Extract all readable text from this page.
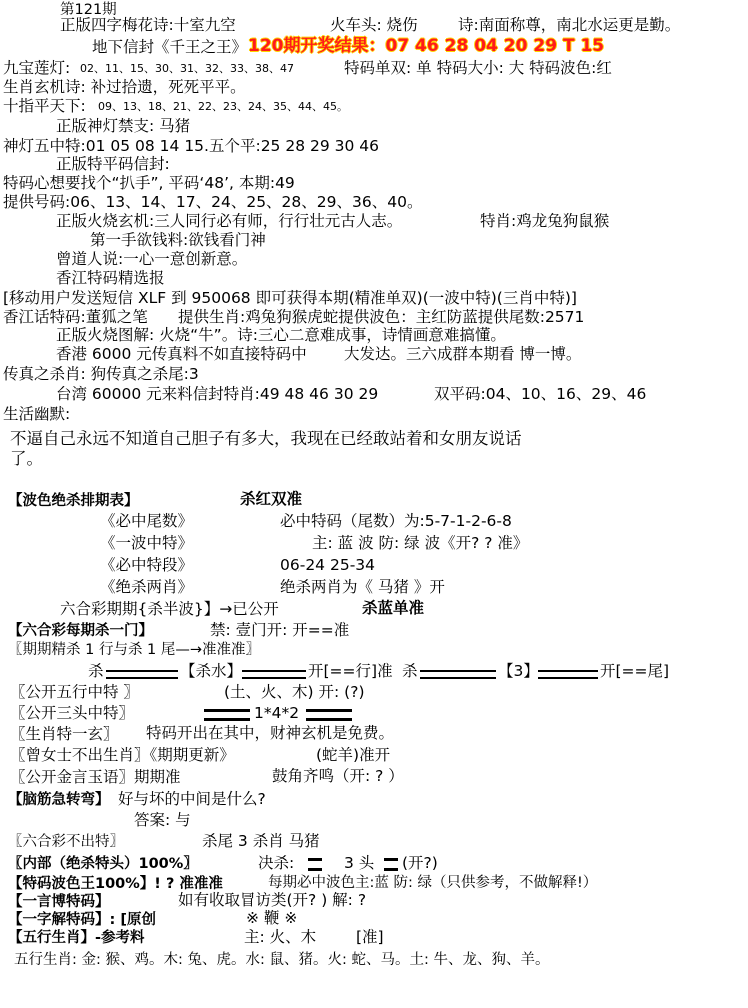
第121期
正版四字梅花诗:十室九空	火车头: 烧伤	诗:南面称尊，南北水运更是勤。
地下信封《千王之王》 120期开奖结果：07 46 28 04 20 29 T 15
九宝莲灯: 02、11、15、30、31、32、33、38、47	特码单双: 单 特码大小: 大 特码波色:红
生肖玄机诗: 补过拾遗，死死平平。
十指平天下: 09、13、18、21、22、23、24、35、44、45。
正版神灯禁支: 马猪
神灯五中特:01 05 08 14 15.五个平:25 28 29 30 46
正版特平码信封:
特码心想要找个“扒手”, 平码‘48’, 本期:49
提供号码:06、13、14、17、24、25、28、29、36、40。
正版火烧玄机:三人同行必有师，行行壮元古人志。	特肖:鸡龙兔狗鼠猴
第一手欲钱料:欲钱看门神
曾道人说:一心一意创新意。
香江特码精选报
[移动用户发送短信 XLF 到 950068 即可获得本期(精准单双)(一波中特)(三肖中特)]
香江话特码:董狐之笔 提供生肖:鸡兔狗猴虎蛇提供波色：主红防蓝提供尾数:2571
正版火烧图解: 火烧“牛”。诗:三心二意难成事，诗情画意难搞懂。
香港 6000 元传真料不如直接特码中 大发达。三六成群本期看 博一博。
传真之杀肖: 狗传真之杀尾:3
台湾 60000 元来料信封特肖:49 48 46 30 29	双平码:04、10、16、29、46
生活幽默:
不逼自己永远不知道自己胆子有多大，我现在已经敢站着和女朋友说话
了。
【波色绝杀排期表】	杀红双准
《必中尾数》	必中特码（尾数）为:5-7-1-2-6-8
《一波中特》	主: 蓝 波 防: 绿 波《开? ? 准》
《必中特段》	06-24 25-34
《绝杀两肖》	绝杀两肖为《 马猪 》开
六合彩期期{杀半波}】→已公开	杀蓝单准
【六合彩每期杀一门】	禁: 壹门开: 开==准
〖期期精杀 1 行与杀 1 尾—→准准准〗
杀	【杀水】	开[==行]准 杀	【3】	开[==尾]
〖公开五行中特 〗	(土、火、木) 开: (?)
〖公开三头中特〗	1*4*2
〖生肖特一玄〗 特码开出在其中，财神玄机是免费。
〖曾女士不出生肖〗《期期更新》	(蛇羊)准开
〖公开金言玉语〗期期准	鼓角齐鸣（开: ? ）
【脑筋急转弯】 好与坏的中间是什么?
答案: 与
〖六合彩不出特〗	杀尾 3 杀肖 马猪
〖内部（绝杀特头）100%〗	决杀:	3 头 (开?)
【特码波色王100%】! ? 准准准	每期必中波色主:蓝 防: 绿（只供参考，不做解释!）
【一言博特码】	如有收取冒访类(开? ) 解: ?
【一字解特码】: [原创	※ 鞭 ※
【五行生肖】-参考料	主: 火、木	[准]
五行生肖: 金: 猴、鸡。木: 兔、虎。水: 鼠、猪。火: 蛇、马。土: 牛、龙、狗、羊。
